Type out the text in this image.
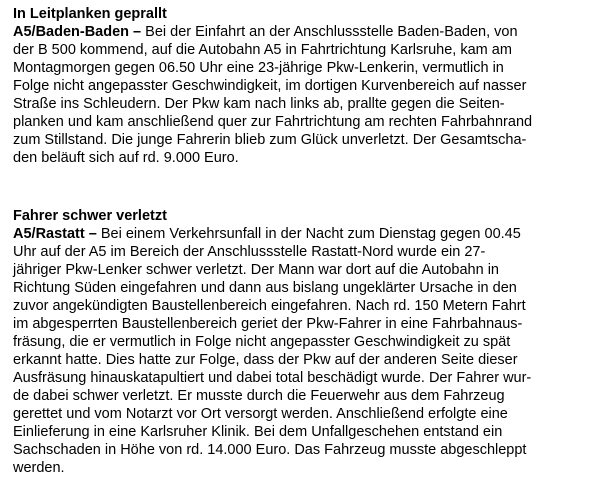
In Leitplanken geprallt
A5/Baden-Baden – Bei der Einfahrt an der Anschlussstelle Baden-Baden, von
der B 500 kommend, auf die Autobahn A5 in Fahrtrichtung Karlsruhe, kam am
Montagmorgen gegen 06.50 Uhr eine 23-jährige Pkw-Lenkerin, vermutlich in
Folge nicht angepasster Geschwindigkeit, im dortigen Kurvenbereich auf nasser
Straße ins Schleudern. Der Pkw kam nach links ab, prallte gegen die Seiten-
planken und kam anschließend quer zur Fahrtrichtung am rechten Fahrbahnrand
zum Stillstand. Die junge Fahrerin blieb zum Glück unverletzt. Der Gesamtscha-
den beläuft sich auf rd. 9.000 Euro.
Fahrer schwer verletzt
A5/Rastatt – Bei einem Verkehrsunfall in der Nacht zum Dienstag gegen 00.45
Uhr auf der A5 im Bereich der Anschlussstelle Rastatt-Nord wurde ein 27-
jähriger Pkw-Lenker schwer verletzt. Der Mann war dort auf die Autobahn in
Richtung Süden eingefahren und dann aus bislang ungeklärter Ursache in den
zuvor angekündigten Baustellenbereich eingefahren. Nach rd. 150 Metern Fahrt
im abgesperrten Baustellenbereich geriet der Pkw-Fahrer in eine Fahrbahnaus-
fräsung, die er vermutlich in Folge nicht angepasster Geschwindigkeit zu spät
erkannt hatte. Dies hatte zur Folge, dass der Pkw auf der anderen Seite dieser
Ausfräsung hinauskatapultiert und dabei total beschädigt wurde. Der Fahrer wur-
de dabei schwer verletzt. Er musste durch die Feuerwehr aus dem Fahrzeug
gerettet und vom Notarzt vor Ort versorgt werden. Anschließend erfolgte eine
Einlieferung in eine Karlsruher Klinik. Bei dem Unfallgeschehen entstand ein
Sachschaden in Höhe von rd. 14.000 Euro. Das Fahrzeug musste abgeschleppt
werden.
